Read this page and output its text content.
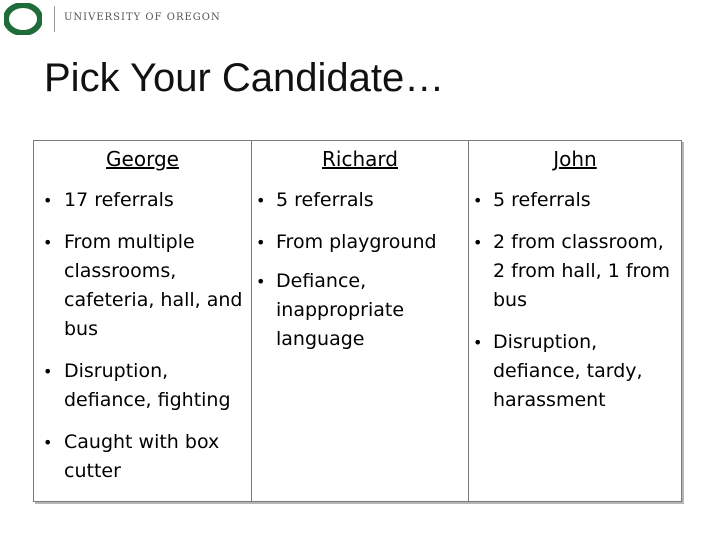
UNIVERSITY OF OREGON
Pick Your Candidate…
George
• 17 referrals
• From multiple classrooms, cafeteria, hall, and bus
• Disruption, defiance, fighting
• Caught with box cutter
Richard
• 5 referrals
• From playground
• Defiance, inappropriate language
John
• 5 referrals
• 2 from classroom, 2 from hall, 1 from bus
• Disruption, defiance, tardy, harassment
